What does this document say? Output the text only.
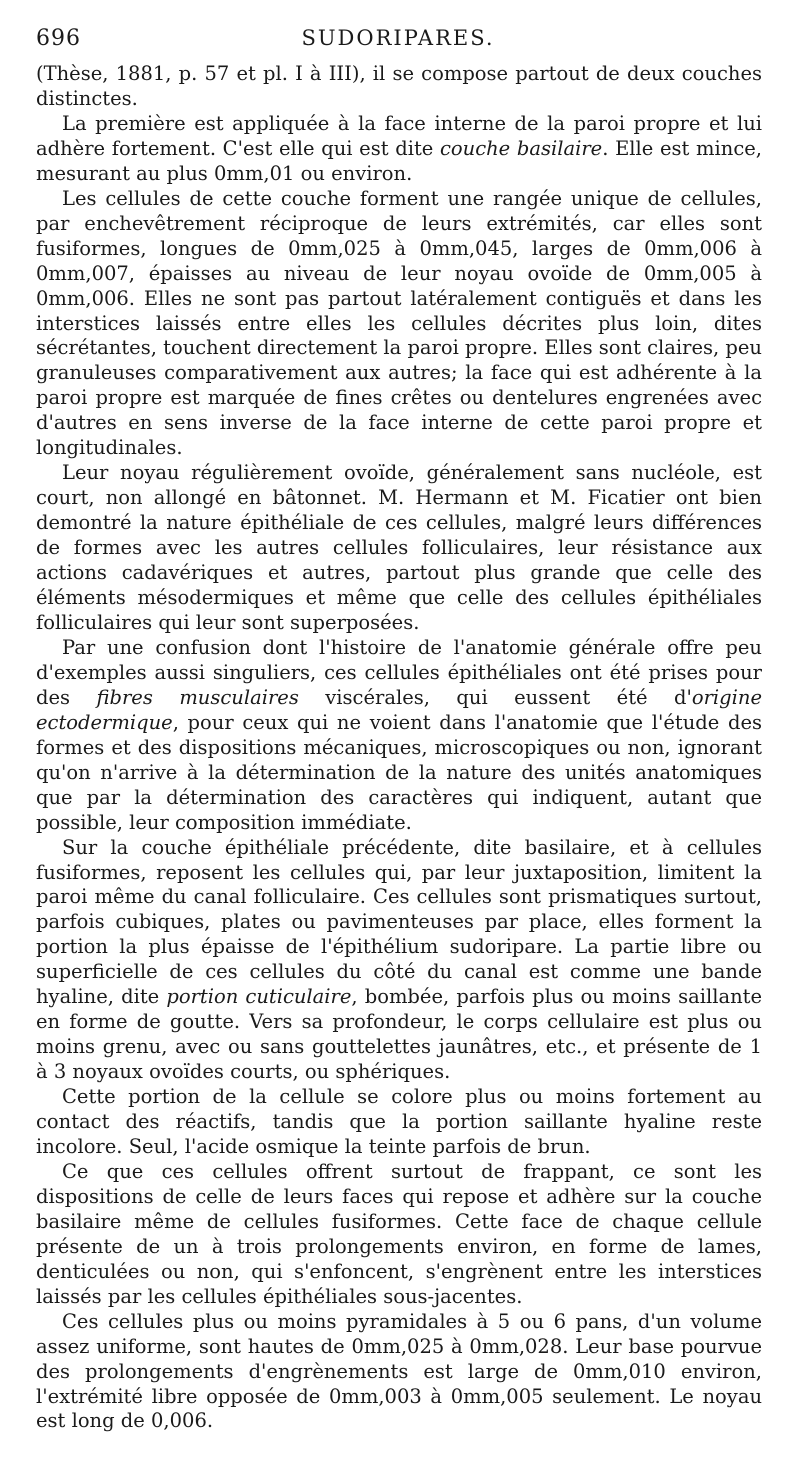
696	SUDORIPARES.

(Thèse, 1881, p. 57 et pl. I à III), il se compose partout de deux couches distinctes.

La première est appliquée à la face interne de la paroi propre et lui adhère fortement. C'est elle qui est dite couche basilaire. Elle est mince, mesurant au plus 0mm,01 ou environ.

Les cellules de cette couche forment une rangée unique de cellules, par enchevêtrement réciproque de leurs extrémités, car elles sont fusiformes, longues de 0mm,025 à 0mm,045, larges de 0mm,006 à 0mm,007, épaisses au niveau de leur noyau ovoïde de 0mm,005 à 0mm,006. Elles ne sont pas partout latéralement contiguës et dans les interstices laissés entre elles les cellules décrites plus loin, dites sécrétantes, touchent directement la paroi propre. Elles sont claires, peu granuleuses comparativement aux autres; la face qui est adhérente à la paroi propre est marquée de fines crêtes ou dentelures engrenées avec d'autres en sens inverse de la face interne de cette paroi propre et longitudinales.

Leur noyau régulièrement ovoïde, généralement sans nucléole, est court, non allongé en bâtonnet. M. Hermann et M. Ficatier ont bien demontré la nature épithéliale de ces cellules, malgré leurs différences de formes avec les autres cellules folliculaires, leur résistance aux actions cadavériques et autres, partout plus grande que celle des éléments mésodermiques et même que celle des cellules épithéliales folliculaires qui leur sont superposées.

Par une confusion dont l'histoire de l'anatomie générale offre peu d'exemples aussi singuliers, ces cellules épithéliales ont été prises pour des fibres musculaires viscérales, qui eussent été d'origine ectodermique, pour ceux qui ne voient dans l'anatomie que l'étude des formes et des dispositions mécaniques, microscopiques ou non, ignorant qu'on n'arrive à la détermination de la nature des unités anatomiques que par la détermination des caractères qui indiquent, autant que possible, leur composition immédiate.

Sur la couche épithéliale précédente, dite basilaire, et à cellules fusiformes, reposent les cellules qui, par leur juxtaposition, limitent la paroi même du canal folliculaire. Ces cellules sont prismatiques surtout, parfois cubiques, plates ou pavimenteuses par place, elles forment la portion la plus épaisse de l'épithélium sudoripare. La partie libre ou superficielle de ces cellules du côté du canal est comme une bande hyaline, dite portion cuticulaire, bombée, parfois plus ou moins saillante en forme de goutte. Vers sa profondeur, le corps cellulaire est plus ou moins grenu, avec ou sans gouttelettes jaunâtres, etc., et présente de 1 à 3 noyaux ovoïdes courts, ou sphériques.

Cette portion de la cellule se colore plus ou moins fortement au contact des réactifs, tandis que la portion saillante hyaline reste incolore. Seul, l'acide osmique la teinte parfois de brun.

Ce que ces cellules offrent surtout de frappant, ce sont les dispositions de celle de leurs faces qui repose et adhère sur la couche basilaire même de cellules fusiformes. Cette face de chaque cellule présente de un à trois prolongements environ, en forme de lames, denticulées ou non, qui s'enfoncent, s'engrènent entre les interstices laissés par les cellules épithéliales sous-jacentes.

Ces cellules plus ou moins pyramidales à 5 ou 6 pans, d'un volume assez uniforme, sont hautes de 0mm,025 à 0mm,028. Leur base pourvue des prolongements d'engrènements est large de 0mm,010 environ, l'extrémité libre opposée de 0mm,003 à 0mm,005 seulement. Le noyau est long de 0,006.
